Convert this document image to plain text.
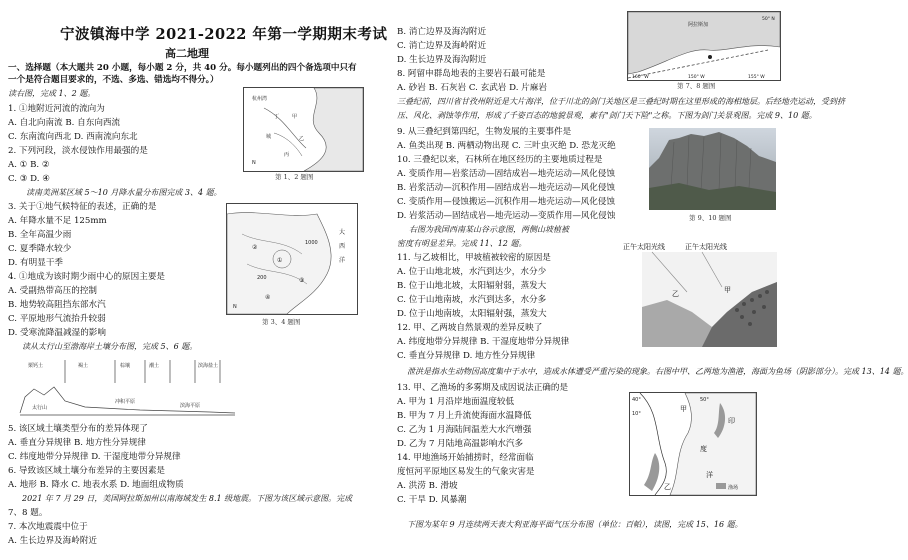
宁波镇海中学 2021-2022 年第一学期期末考试
高二地理
一、选择题（本大题共 20 小题，每小题 2 分，共 40 分。每小题列出的四个备选项中只有
一个是符合题目要求的，不选、多选、错选均不得分。）
读右图，完成 1、2 题。
1. ①地附近河流的流向为
A. 自北向南流 B. 自东向西流
C. 东南流向西北 D. 西南流向东北
2. 下列河段，淡水侵蚀作用最强的是
A. ① B. ②
C. ③ D. ④
读南美洲某区域 5～10 月降水量分布图完成 3、4 题。
3. 关于①地气候特征的表述，正确的是
A. 年降水量不足 125mm
B. 全年高温少雨
C. 夏季降水较少
D. 有明显干季
4. ①地成为该时期少雨中心的原因主要是
A. 受副热带高压的控制
B. 地势较高阻挡东部水汽
C. 平原地形气流抬升较弱
D. 受寒流降温减湿的影响
读从太行山至渤海岸土壤分布图，完成 5、6 题。
栗钙土	褐土	棕壤	潮土	滨海盐土
太行山
冲积平原
滨海平原
5. 该区域土壤类型分布的差异体现了
A. 垂直分异规律 B. 地方性分异规律
C. 纬度地带分异规律 D. 干湿度地带分异规律
6. 导致该区域土壤分布差异的主要因素是
A. 地形 B. 降水 C. 地表水系 D. 地面组成物质
2021 年 7 月 29 日，美国阿拉斯加州以南海域发生 8.1 级地震。下图为该区域示意图。完成
7、8 题。
7. 本次地震震中位于
A. 生长边界及海岭附近
杭州湾
城
甲
乙
丙
丁
N
第 1、2 题图
①
②
③
④
200
1000
N
大
西
洋
第 3、4 题图
B. 消亡边界及海沟附近
C. 消亡边界及海岭附近
D. 生长边界及海沟附近
8. 阿留申群岛地表的主要岩石最可能是
A. 砂岩 B. 石灰岩 C. 玄武岩 D. 片麻岩
阿拉斯加
160° W	150° W	155° W
50° N
第 7、8 题图
三叠纪前，四川省甘孜州附近是大片海洋，位于川北的剑门关地区是三叠纪时期在这里形成的海相地层。后经地壳运动，受到挤
压、风化、剥蚀等作用，形成了千姿百态的地貌景观，素有"剑门天下险"之称。下图为剑门关景观图。完成 9、10 题。
9. 从三叠纪到第四纪，生物发展的主要事件是
A. 鱼类出现 B. 两栖动物出现 C. 三叶虫灭绝 D. 恐龙灭绝
10. 三叠纪以来，石林所在地区经历的主要地质过程是
A. 变质作用—岩浆活动—固结成岩—地壳运动—风化侵蚀
B. 岩浆活动—沉积作用—固结成岩—地壳运动—风化侵蚀
C. 变质作用—侵蚀搬运—沉积作用—地壳运动—风化侵蚀
D. 岩浆活动—固结成岩—地壳运动—变质作用—风化侵蚀	第 9、10 题图
右图为我国西南某山谷示意图，两侧山坡植被
密度有明显差异。完成 11、12 题。
11. 与乙坡相比，甲坡植被较密的原因是
A. 位于山地北坡，水汽到达少，水分少
B. 位于山地北坡，太阳辐射弱，蒸发大
C. 位于山地南坡，水汽到达多，水分多
D. 位于山地南坡，太阳辐射强，蒸发大
12. 甲、乙两坡自然景观的差异反映了
A. 纬度地带分异规律 B. 干湿度地带分异规律
C. 垂直分异规律 D. 地方性分异规律
正午太阳光线	正午太阳光线
甲
乙
泄洪是指水生动物因高度集中于水中，造成水体遭受严重污染的现象。右图中甲、乙两地为渔港，海面为鱼场（阴影部分）。完成 13、14 题。
13. 甲、乙渔场的多雾期及成因说法正确的是
A. 甲为 1 月沿岸地面温度较低
B. 甲为 7 月上升流使海面水温降低
C. 乙为 1 月海陆间温差大水汽增强
D. 乙为 7 月陆地高温影响水汽多
14. 甲地渔场开始捕捞时，经常面临
度恒河平原地区易发生的气象灾害是
A. 洪涝 B. 滑坡
C. 干旱 D. 风暴潮
下图为某年 9 月连续两天表大利亚海平面气压分布图（单位：百帕），读图，完成 15、16 题。
40°	50°
10°
甲
印
度
洋
乙	渔场
